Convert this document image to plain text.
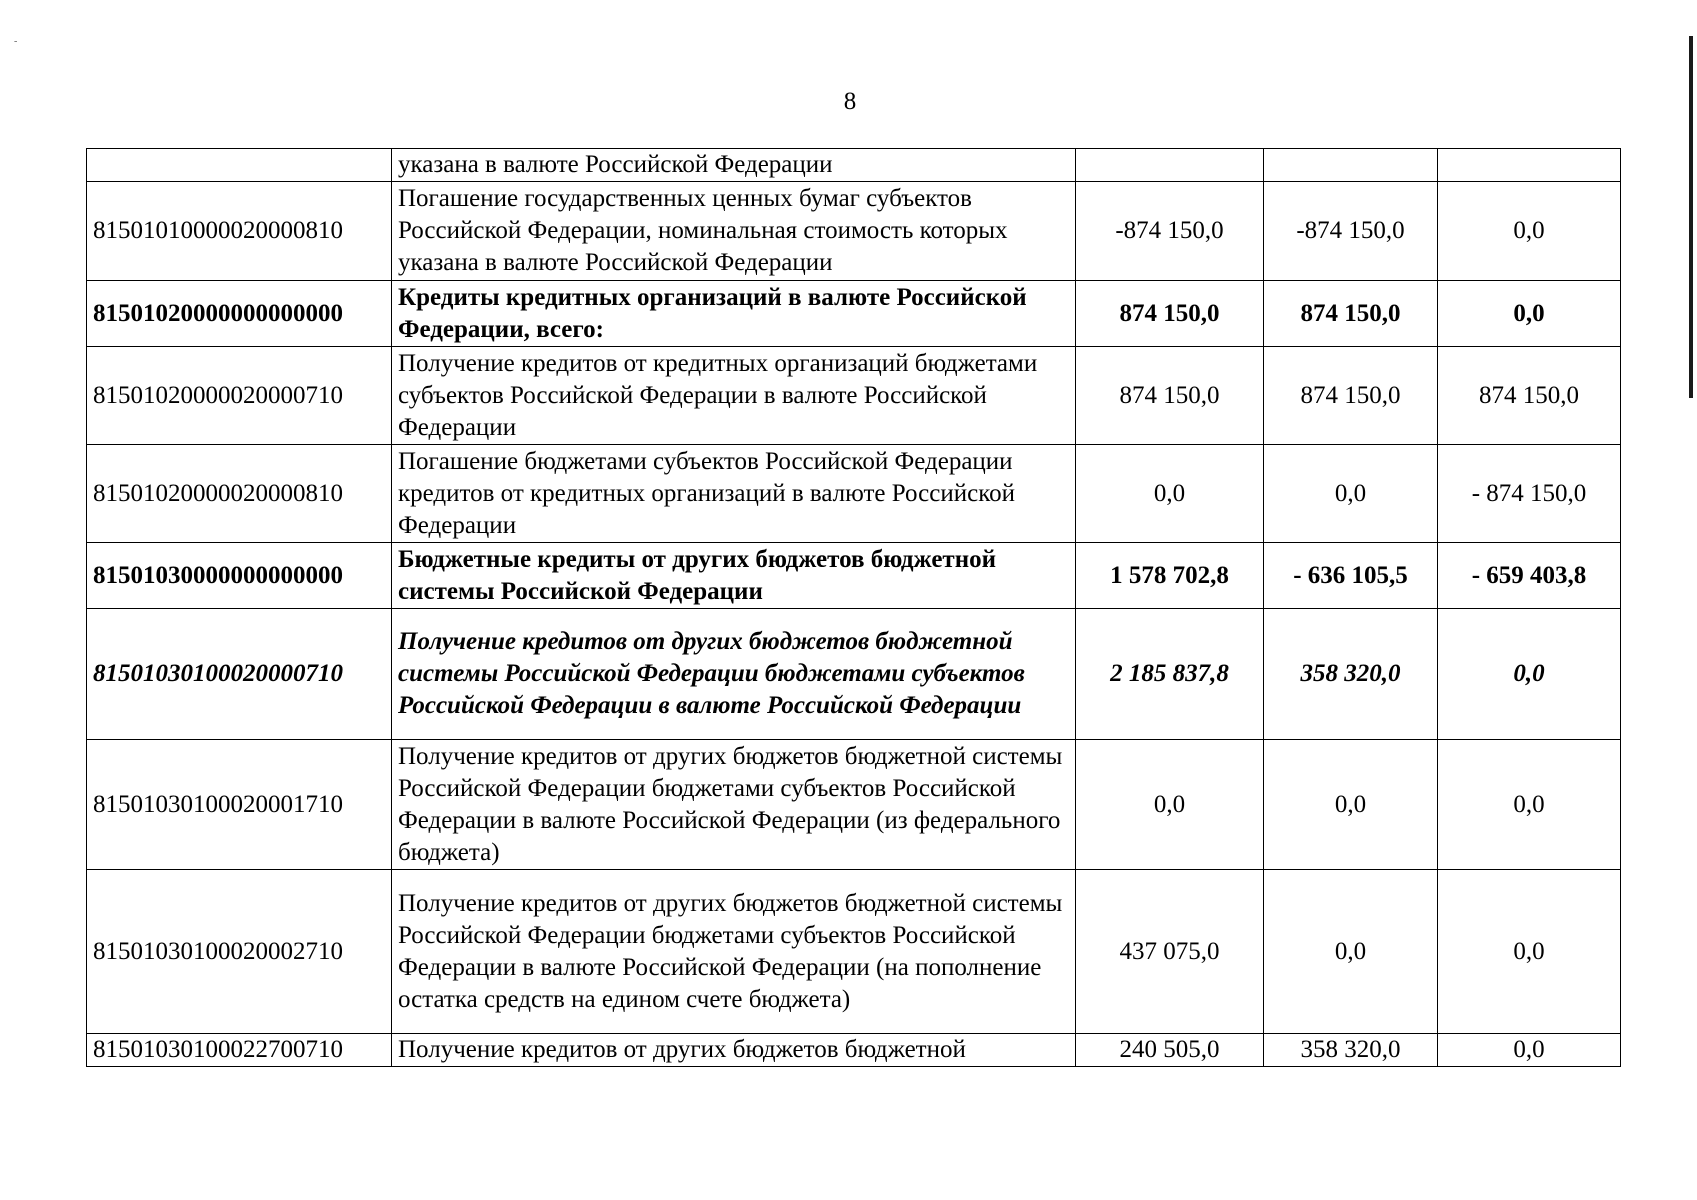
-
8
	указана в валюте Российской Федерации			
81501010000020000810	Погашение государственных ценных бумаг субъектов Российской Федерации, номинальная стоимость которых указана в валюте Российской Федерации	-874 150,0	-874 150,0	0,0
81501020000000000000	Кредиты кредитных организаций в валюте Российской Федерации, всего:	874 150,0	874 150,0	0,0
81501020000020000710	Получение кредитов от кредитных организаций бюджетами субъектов Российской Федерации в валюте Российской Федерации	874 150,0	874 150,0	874 150,0
81501020000020000810	Погашение бюджетами субъектов Российской Федерации кредитов от кредитных организаций в валюте Российской Федерации	0,0	0,0	- 874 150,0
81501030000000000000	Бюджетные кредиты от других бюджетов бюджетной системы Российской Федерации	1 578 702,8	- 636 105,5	- 659 403,8
81501030100020000710	Получение кредитов от других бюджетов бюджетной системы Российской Федерации бюджетами субъектов Российской Федерации в валюте Российской Федерации	2 185 837,8	358 320,0	0,0
81501030100020001710	Получение кредитов от других бюджетов бюджетной системы Российской Федерации бюджетами субъектов Российской Федерации в валюте Российской Федерации (из федерального бюджета)	0,0	0,0	0,0
81501030100020002710	Получение кредитов от других бюджетов бюджетной системы Российской Федерации бюджетами субъектов Российской Федерации в валюте Российской Федерации (на пополнение остатка средств на едином счете бюджета)	437 075,0	0,0	0,0
81501030100022700710	Получение кредитов от других бюджетов бюджетной	240 505,0	358 320,0	0,0
